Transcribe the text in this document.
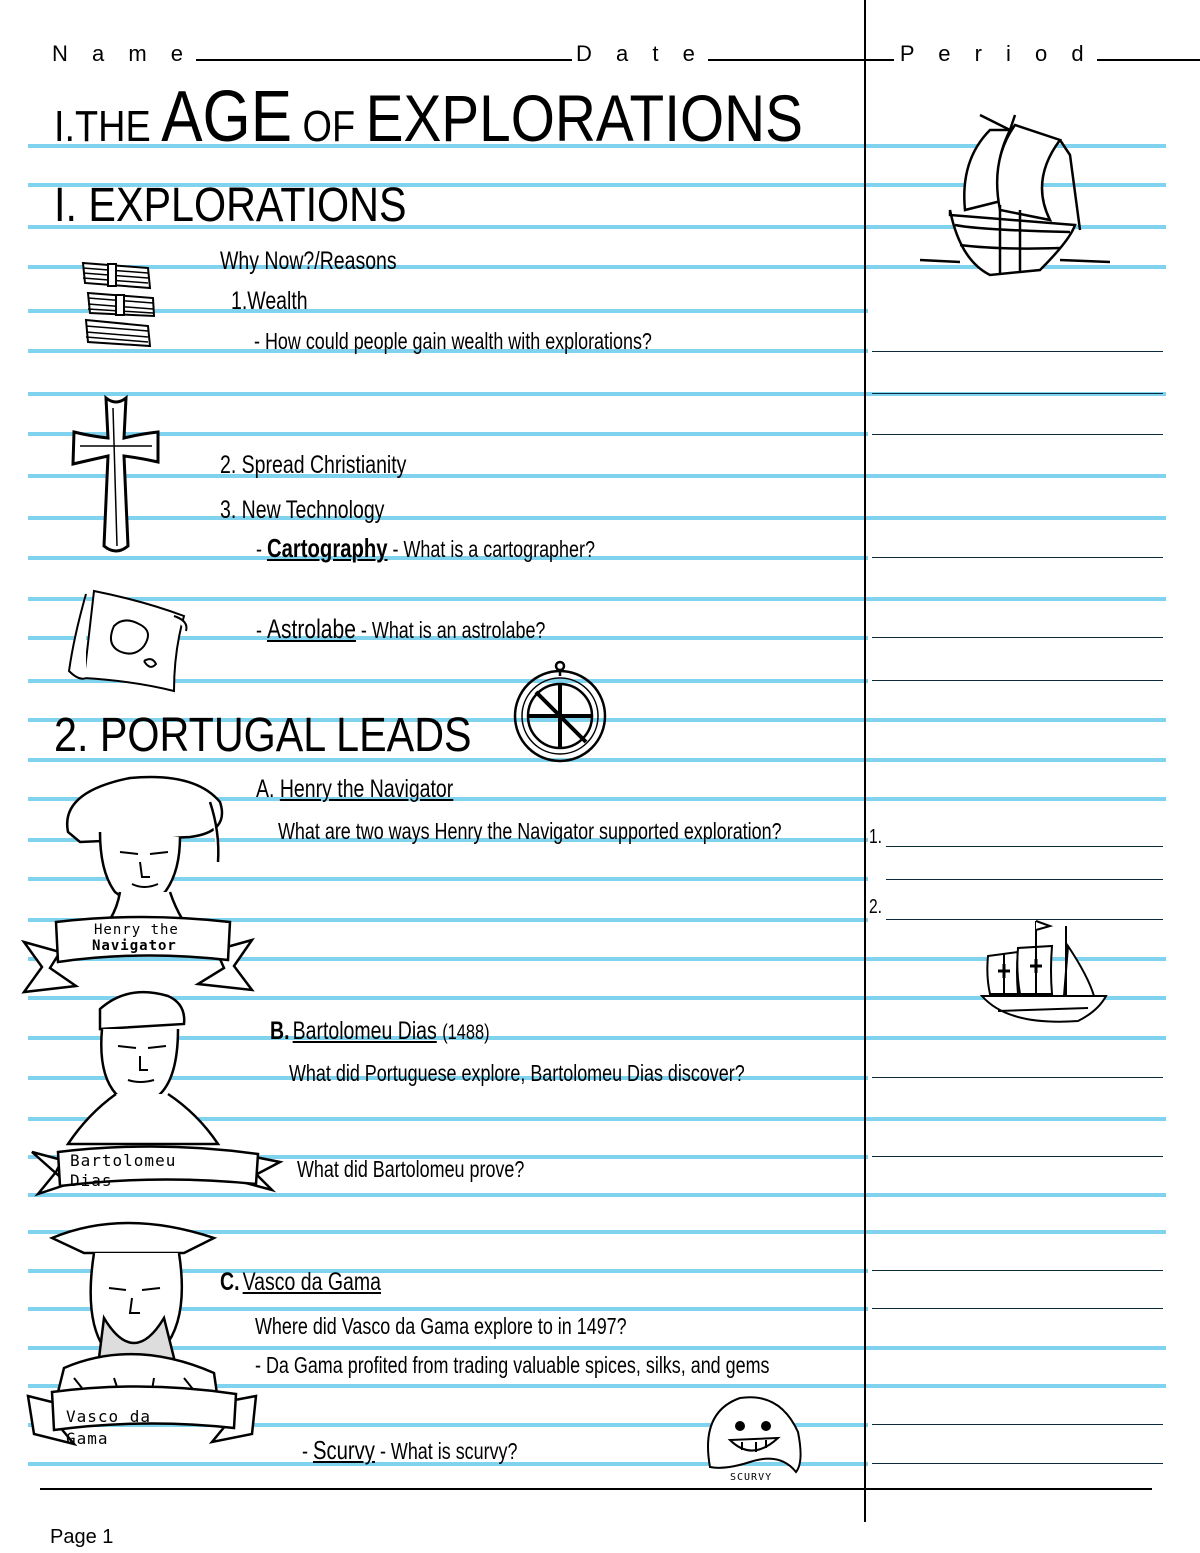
N a m e	D a t e	P e r i o d
I.THE AGE OF EXPLORATIONS
I. EXPLORATIONS
Why Now?/Reasons
1.Wealth
- How could people gain wealth with explorations?
2. Spread Christianity
3. New Technology
- Cartography - What is a cartographer?
- Astrolabe - What is an astrolabe?
2. PORTUGAL LEADS
A. Henry the Navigator
What are two ways Henry the Navigator supported exploration?
B. Bartolomeu Dias (1488)
What did Portuguese explore, Bartolomeu Dias discover?
What did Bartolomeu prove?
C. Vasco da Gama
Where did Vasco da Gama explore to in 1497?
- Da Gama profited from trading valuable spices, silks, and gems
- Scurvy - What is scurvy?
1.
2.
Henry the
Navigator
Bartolomeu
Dias
Vasco da
Gama
SCURVY
Page 1
